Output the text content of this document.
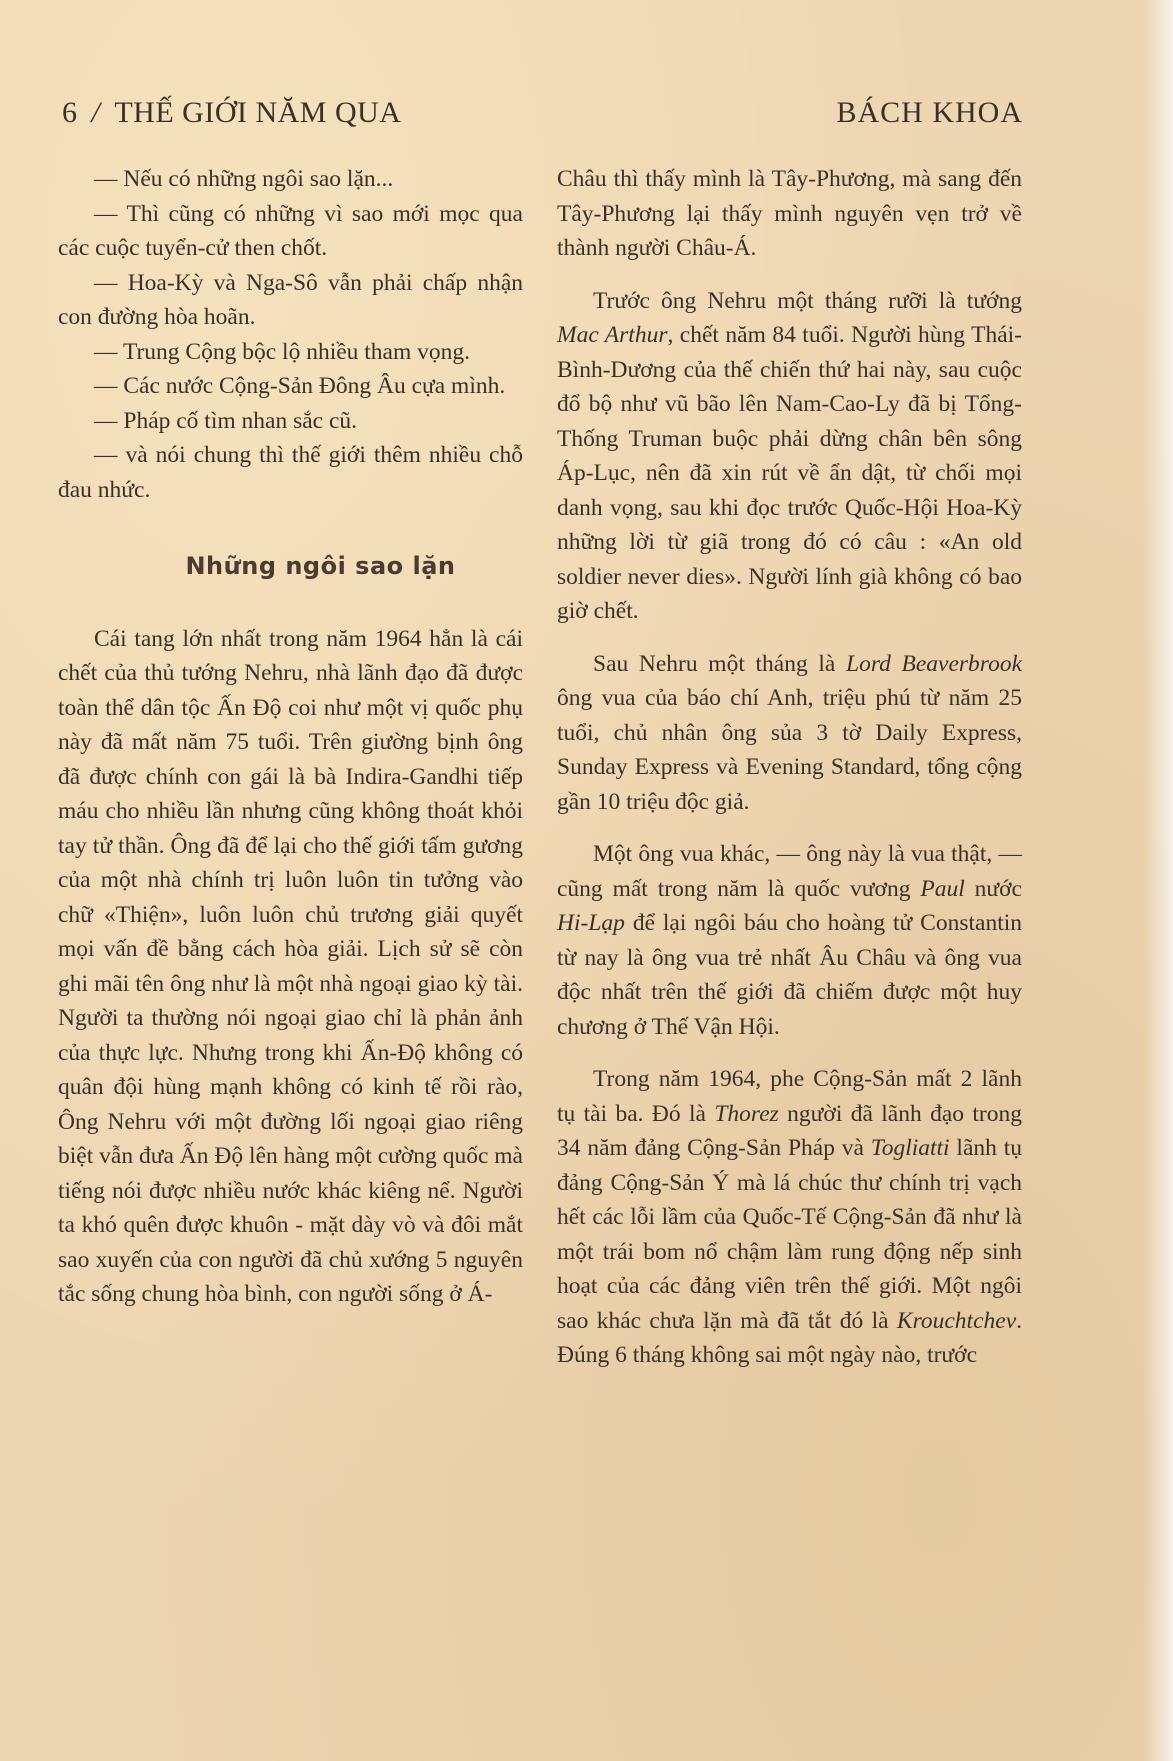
6 / THẾ GIỚI NĂM QUA	BÁCH KHOA

— Nếu có những ngôi sao lặn...

— Thì cũng có những vì sao mới mọc qua các cuộc tuyển-cử then chốt.

— Hoa-Kỳ và Nga-Sô vẫn phải chấp nhận con đường hòa hoãn.

— Trung Cộng bộc lộ nhiều tham vọng.

— Các nước Cộng-Sản Đông Âu cựa mình.

— Pháp cố tìm nhan sắc cũ.

— và nói chung thì thế giới thêm nhiều chỗ đau nhức.

Những ngôi sao lặn

Cái tang lớn nhất trong năm 1964 hẳn là cái chết của thủ tướng Nehru, nhà lãnh đạo đã được toàn thể dân tộc Ấn Độ coi như một vị quốc phụ này đã mất năm 75 tuổi. Trên giường bịnh ông đã được chính con gái là bà Indira-Gandhi tiếp máu cho nhiều lần nhưng cũng không thoát khỏi tay tử thần. Ông đã để lại cho thế giới tấm gương của một nhà chính trị luôn luôn tin tưởng vào chữ «Thiện», luôn luôn chủ trương giải quyết mọi vấn đề bằng cách hòa giải. Lịch sử sẽ còn ghi mãi tên ông như là một nhà ngoại giao kỳ tài. Người ta thường nói ngoại giao chỉ là phản ảnh của thực lực. Nhưng trong khi Ấn-Độ không có quân đội hùng mạnh không có kinh tế rồi rào, Ông Nehru với một đường lối ngoại giao riêng biệt vẫn đưa Ấn Độ lên hàng một cường quốc mà tiếng nói được nhiều nước khác kiêng nể. Người ta khó quên được khuôn - mặt dày vò và đôi mắt sao xuyến của con người đã chủ xướng 5 nguyên tắc sống chung hòa bình, con người sống ở Á-

Châu thì thấy mình là Tây-Phương, mà sang đến Tây-Phương lại thấy mình nguyên vẹn trở về thành người Châu-Á.

Trước ông Nehru một tháng rưỡi là tướng Mac Arthur, chết năm 84 tuổi. Người hùng Thái-Bình-Dương của thế chiến thứ hai này, sau cuộc đổ bộ như vũ bão lên Nam-Cao-Ly đã bị Tổng-Thống Truman buộc phải dừng chân bên sông Áp-Lục, nên đã xin rút về ẩn dật, từ chối mọi danh vọng, sau khi đọc trước Quốc-Hội Hoa-Kỳ những lời từ giã trong đó có câu : «An old soldier never dies». Người lính già không có bao giờ chết.

Sau Nehru một tháng là Lord Beaverbrook ông vua của báo chí Anh, triệu phú từ năm 25 tuổi, chủ nhân ông sủa 3 tờ Daily Express, Sunday Express và Evening Standard, tổng cộng gần 10 triệu độc giả.

Một ông vua khác, — ông này là vua thật, — cũng mất trong năm là quốc vương Paul nước Hi-Lạp để lại ngôi báu cho hoàng tử Constantin từ nay là ông vua trẻ nhất Âu Châu và ông vua độc nhất trên thế giới đã chiếm được một huy chương ở Thế Vận Hội.

Trong năm 1964, phe Cộng-Sản mất 2 lãnh tụ tài ba. Đó là Thorez người đã lãnh đạo trong 34 năm đảng Cộng-Sản Pháp và Togliatti lãnh tụ đảng Cộng-Sản Ý mà lá chúc thư chính trị vạch hết các lỗi lầm của Quốc-Tế Cộng-Sản đã như là một trái bom nổ chậm làm rung động nếp sinh hoạt của các đảng viên trên thế giới. Một ngôi sao khác chưa lặn mà đã tắt đó là Krouchtchev. Đúng 6 tháng không sai một ngày nào, trước
